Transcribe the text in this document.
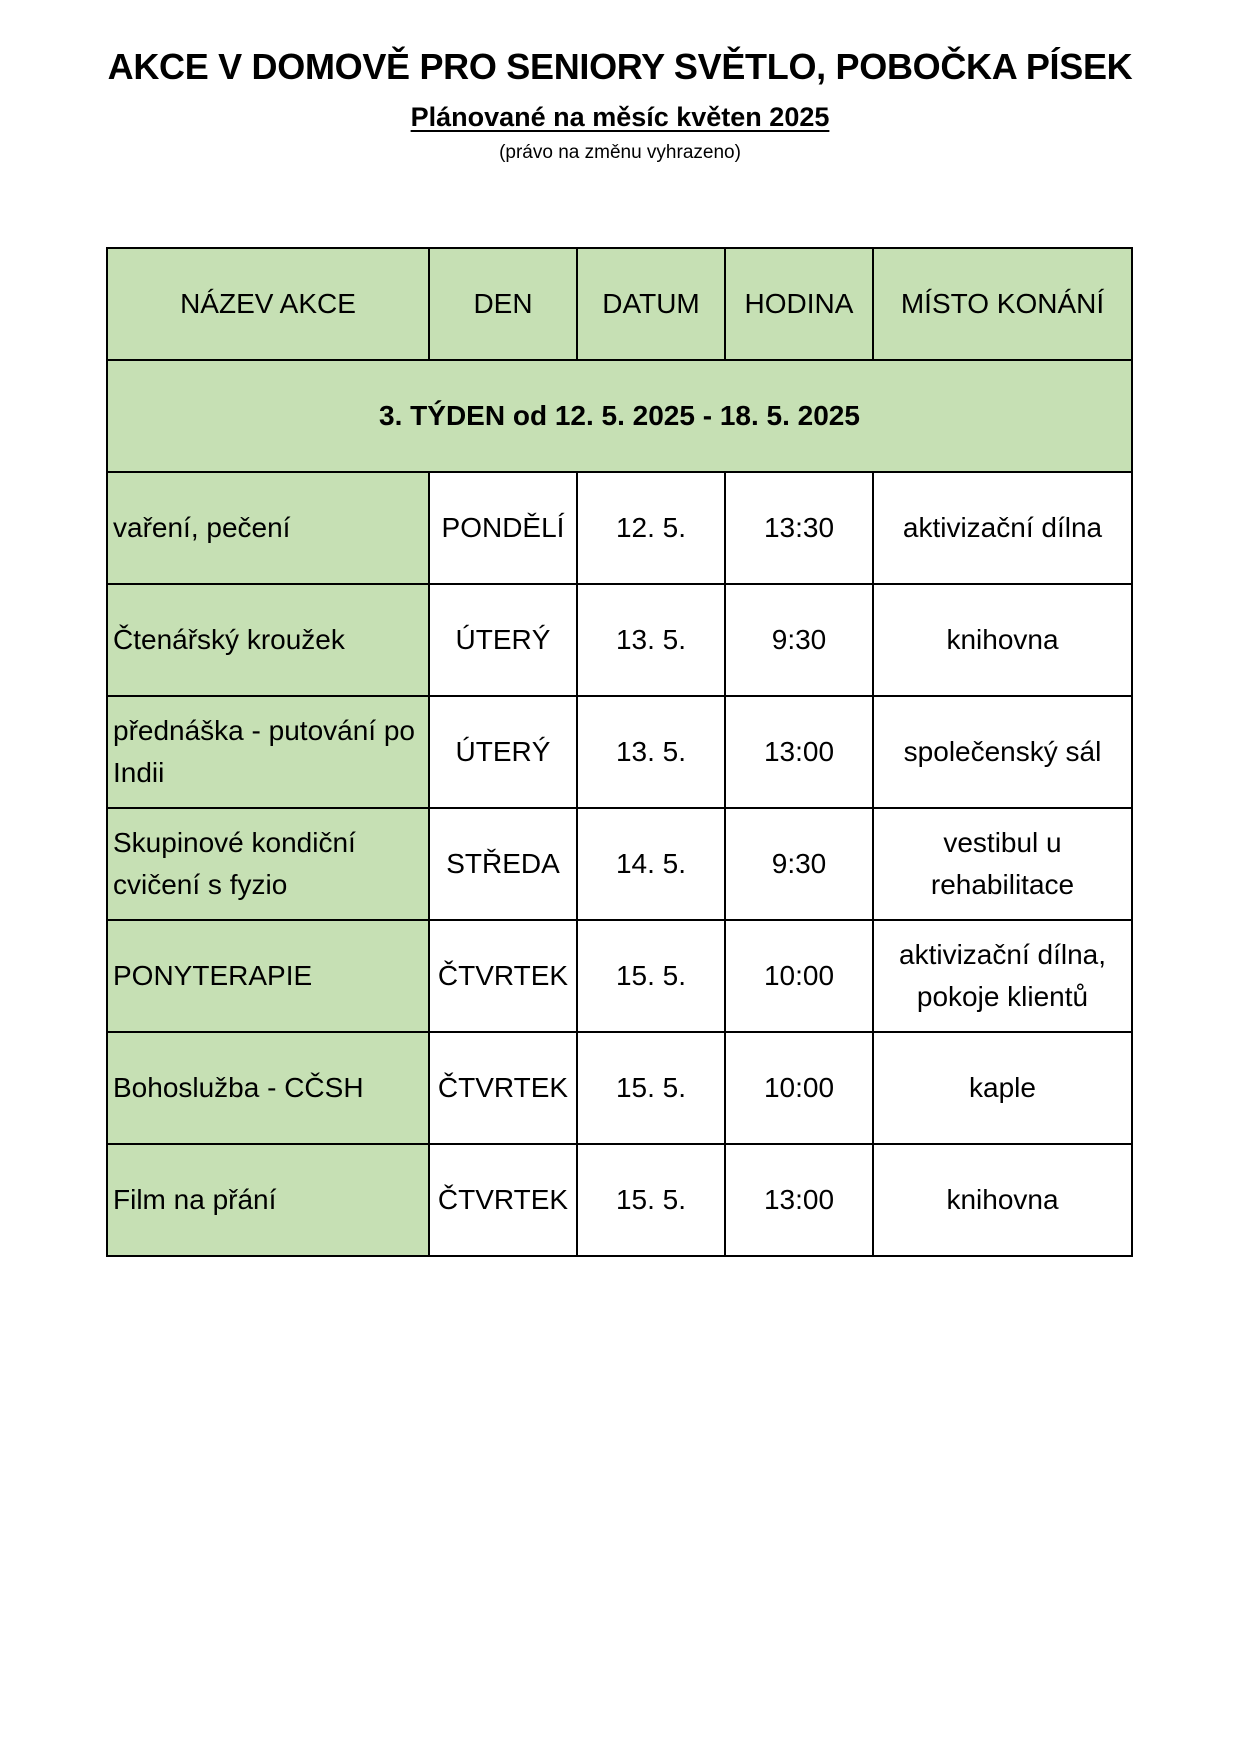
AKCE V DOMOVĚ PRO SENIORY SVĚTLO, POBOČKA PÍSEK
Plánované na měsíc květen 2025
(právo na změnu vyhrazeno)
NÁZEV AKCE	DEN	DATUM	HODINA	MÍSTO KONÁNÍ
3. TÝDEN od 12. 5. 2025 - 18. 5. 2025				
vaření, pečení	PONDĚLÍ	12. 5.	13:30	aktivizační dílna
Čtenářský kroužek	ÚTERÝ	13. 5.	9:30	knihovna
přednáška - putování po Indii	ÚTERÝ	13. 5.	13:00	společenský sál
Skupinové kondiční cvičení s fyzio	STŘEDA	14. 5.	9:30	vestibul u rehabilitace
PONYTERAPIE	ČTVRTEK	15. 5.	10:00	aktivizační dílna, pokoje klientů
Bohoslužba - CČSH	ČTVRTEK	15. 5.	10:00	kaple
Film na přání	ČTVRTEK	15. 5.	13:00	knihovna
